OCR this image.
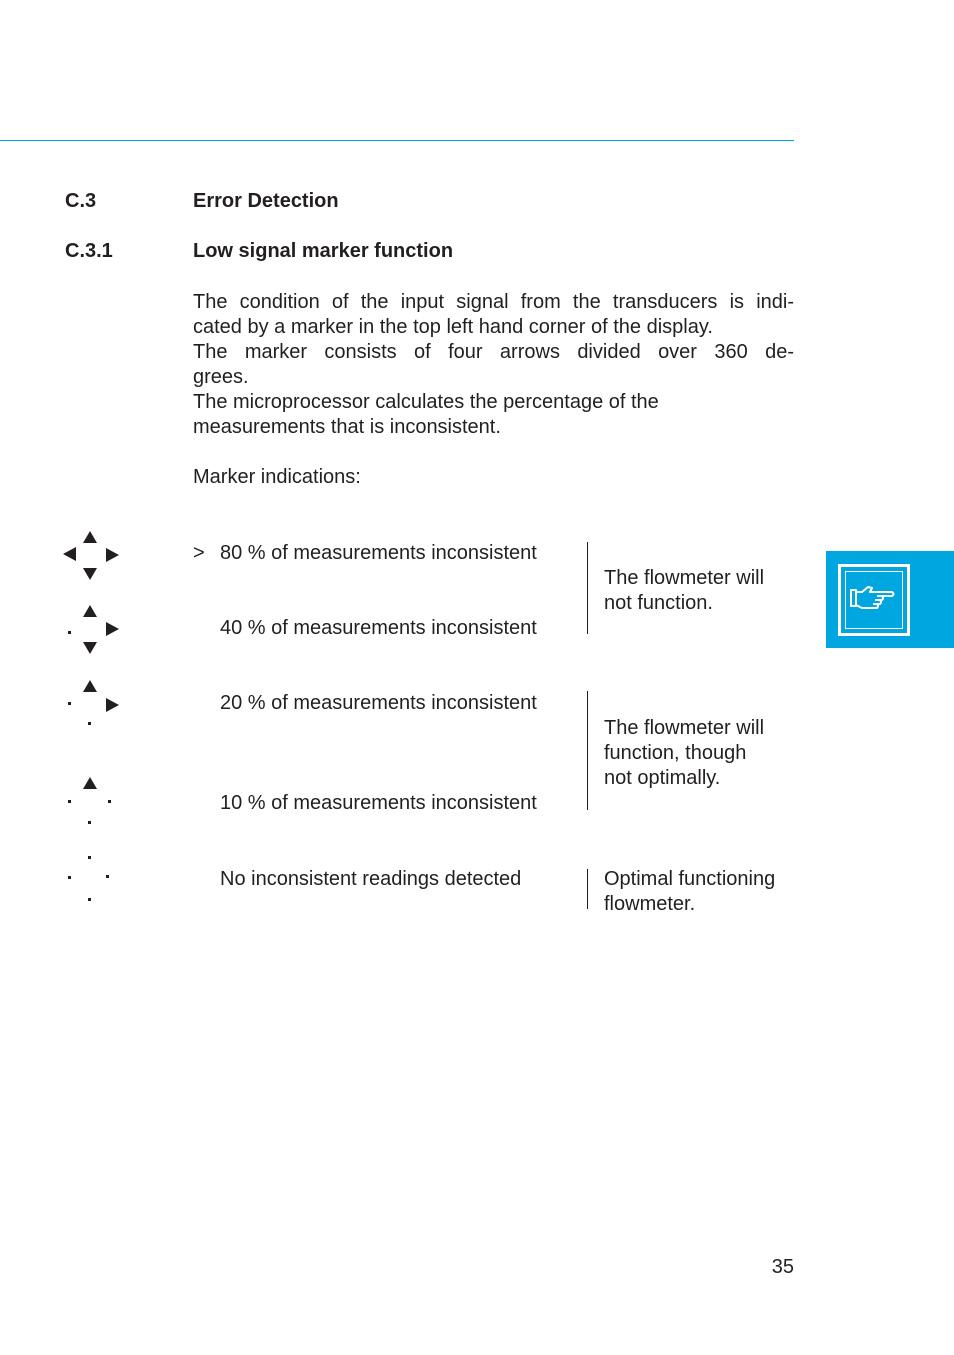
C.3	Error Detection
C.3.1	Low signal marker function
The condition of the input signal from the transducers is indi-
cated by a marker in the top left hand corner of the display.
The marker consists of four arrows divided over 360 de-
grees.
The microprocessor calculates the percentage of the
measurements that is inconsistent.
Marker indications:
> 80 % of measurements inconsistent
40 % of measurements inconsistent
20 % of measurements inconsistent
10 % of measurements inconsistent
No inconsistent readings detected
The flowmeter will
not function.
The flowmeter will
function, though
not optimally.
Optimal functioning
flowmeter.
35
